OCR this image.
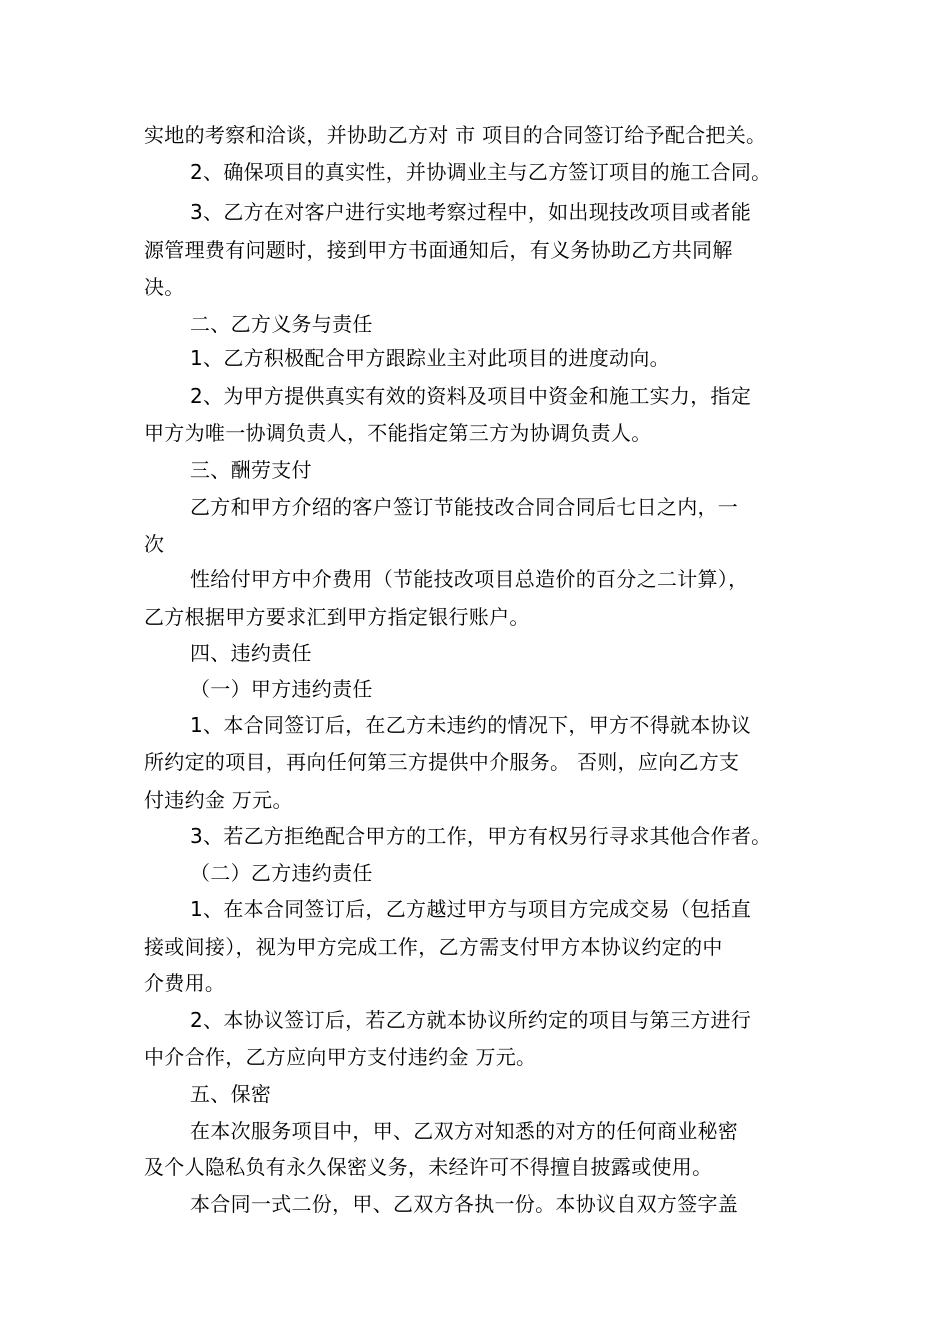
实地的考察和洽谈，并协助乙方对 市 项目的合同签订给予配合把关。
2、确保项目的真实性，并协调业主与乙方签订项目的施工合同。
3、乙方在对客户进行实地考察过程中，如出现技改项目或者能
源管理费有问题时，接到甲方书面通知后，有义务协助乙方共同解
决。
二、乙方义务与责任
1、乙方积极配合甲方跟踪业主对此项目的进度动向。
2、为甲方提供真实有效的资料及项目中资金和施工实力，指定
甲方为唯一协调负责人，不能指定第三方为协调负责人。
三、酬劳支付
乙方和甲方介绍的客户签订节能技改合同合同后七日之内，一
次
性给付甲方中介费用（节能技改项目总造价的百分之二计算），
乙方根据甲方要求汇到甲方指定银行账户。
四、违约责任
（一）甲方违约责任
1、本合同签订后，在乙方未违约的情况下，甲方不得就本协议
所约定的项目，再向任何第三方提供中介服务。 否则，应向乙方支
付违约金 万元。
3、若乙方拒绝配合甲方的工作，甲方有权另行寻求其他合作者。
（二）乙方违约责任
1、在本合同签订后，乙方越过甲方与项目方完成交易（包括直
接或间接），视为甲方完成工作，乙方需支付甲方本协议约定的中
介费用。
2、本协议签订后，若乙方就本协议所约定的项目与第三方进行
中介合作，乙方应向甲方支付违约金 万元。
五、保密
在本次服务项目中，甲、乙双方对知悉的对方的任何商业秘密
及个人隐私负有永久保密义务，未经许可不得擅自披露或使用。
本合同一式二份，甲、乙双方各执一份。本协议自双方签字盖
